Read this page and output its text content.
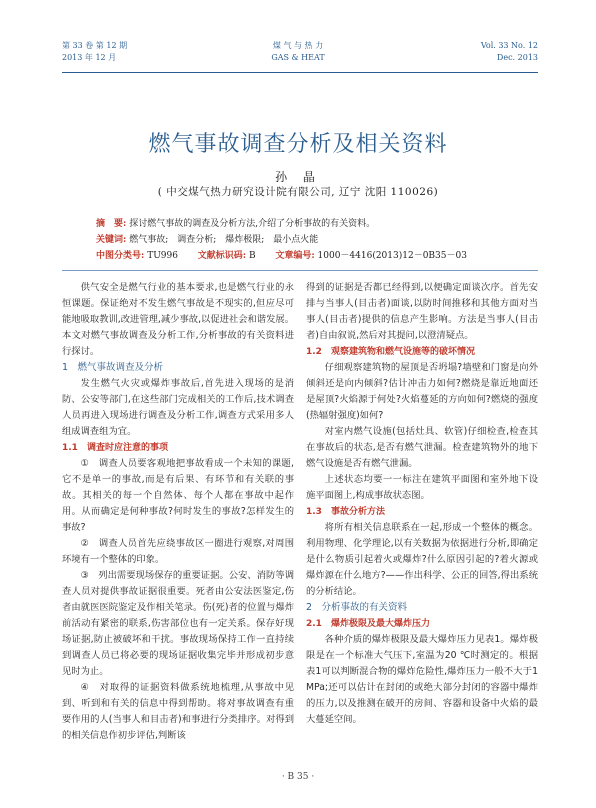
第 33 卷 第 12 期
2013 年 12 月
煤 气 与 热 力
GAS & HEAT
Vol. 33 No. 12
Dec. 2013
燃气事故调查分析及相关资料
孙 晶
( 中交煤气热力研究设计院有限公司, 辽宁 沈阳 110026)
摘　要: 探讨燃气事故的调查及分析方法,介绍了分析事故的有关资料。
关键词: 燃气事故;　调查分析;　爆炸极限;　最小点火能
中图分类号: TU996 文献标识码: B 文章编号: 1000－4416(2013)12－0B35－03

供气安全是燃气行业的基本要求,也是燃气行业的永恒课题。保证绝对不发生燃气事故是不现实的,但应尽可能地吸取教训,改进管理,减少事故,以促进社会和谐发展。本文对燃气事故调查及分析工作,分析事故的有关资料进行探讨。

1　燃气事故调查及分析

发生燃气火灾或爆炸事故后,首先进入现场的是消防、公安等部门,在这些部门完成相关的工作后,技术调查人员再进入现场进行调查及分析工作,调查方式采用多人组成调查组为宜。

1.1　调查时应注意的事项

①　调查人员要客观地把事故看成一个未知的课题,它不是单一的事故,而是有后果、有环节和有关联的事故。其相关的每一个自然体、每个人都在事故中起作用。从而确定是何种事故?何时发生的事故?怎样发生的事故?

②　调查人员首先应绕事故区一圈进行观察,对周围环境有一个整体的印象。

③　列出需要现场保存的重要证据。公安、消防等调查人员对提供事故证据很重要。死者由公安法医鉴定,伤者由就医医院鉴定及作相关笔录。伤(死)者的位置与爆炸前活动有紧密的联系,伤害部位也有一定关系。保存好现场证据,防止被破坏和干扰。事故现场保持工作一直持续到调查人员已将必要的现场证据收集完毕并形成初步意见时为止。

④　对取得的证据资料做系统地梳理,从事故中见到、听到和有关的信息中得到帮助。将对事故调查有重要作用的人(当事人和目击者)和事进行分类排序。对得到的相关信息作初步评估,判断该

得到的证据是否都已经得到,以便确定面谈次序。首先安排与当事人(目击者)面谈,以防时间推移和其他方面对当事人(目击者)提供的信息产生影响。方法是当事人(目击者)自由叙说,然后对其提问,以澄清疑点。

1.2　观察建筑物和燃气设施等的破坏情况

仔细观察建筑物的屋顶是否坍塌?墙壁和门窗是向外倾斜还是向内倾斜?估计冲击力如何?燃烧是靠近地面还是屋顶?火焰源于何处?火焰蔓延的方向如何?燃烧的强度(热辐射强度)如何?

对室内燃气设施(包括灶具、软管)仔细检查,检查其在事故后的状态,是否有燃气泄漏。检查建筑物外的地下燃气设施是否有燃气泄漏。

上述状态均要一一标注在建筑平面图和室外地下设施平面图上,构成事故状态图。

1.3　事故分析方法

将所有相关信息联系在一起,形成一个整体的概念。利用物理、化学理论,以有关数据为依据进行分析,即确定是什么物质引起着火或爆炸?什么原因引起的?着火源或爆炸源在什么地方?——作出科学、公正的回答,得出系统的分析结论。

2　分析事故的有关资料
2.1　爆炸极限及最大爆炸压力

各种介质的爆炸极限及最大爆炸压力见表1。爆炸极限是在一个标准大气压下,室温为20 ℃时测定的。根据表1可以判断混合物的爆炸危险性,爆炸压力一般不大于1 MPa;还可以估计在封闭的或绝大部分封闭的容器中爆炸的压力,以及推测在破开的房间、容器和设备中火焰的最大蔓延空间。

· B 35 ·
